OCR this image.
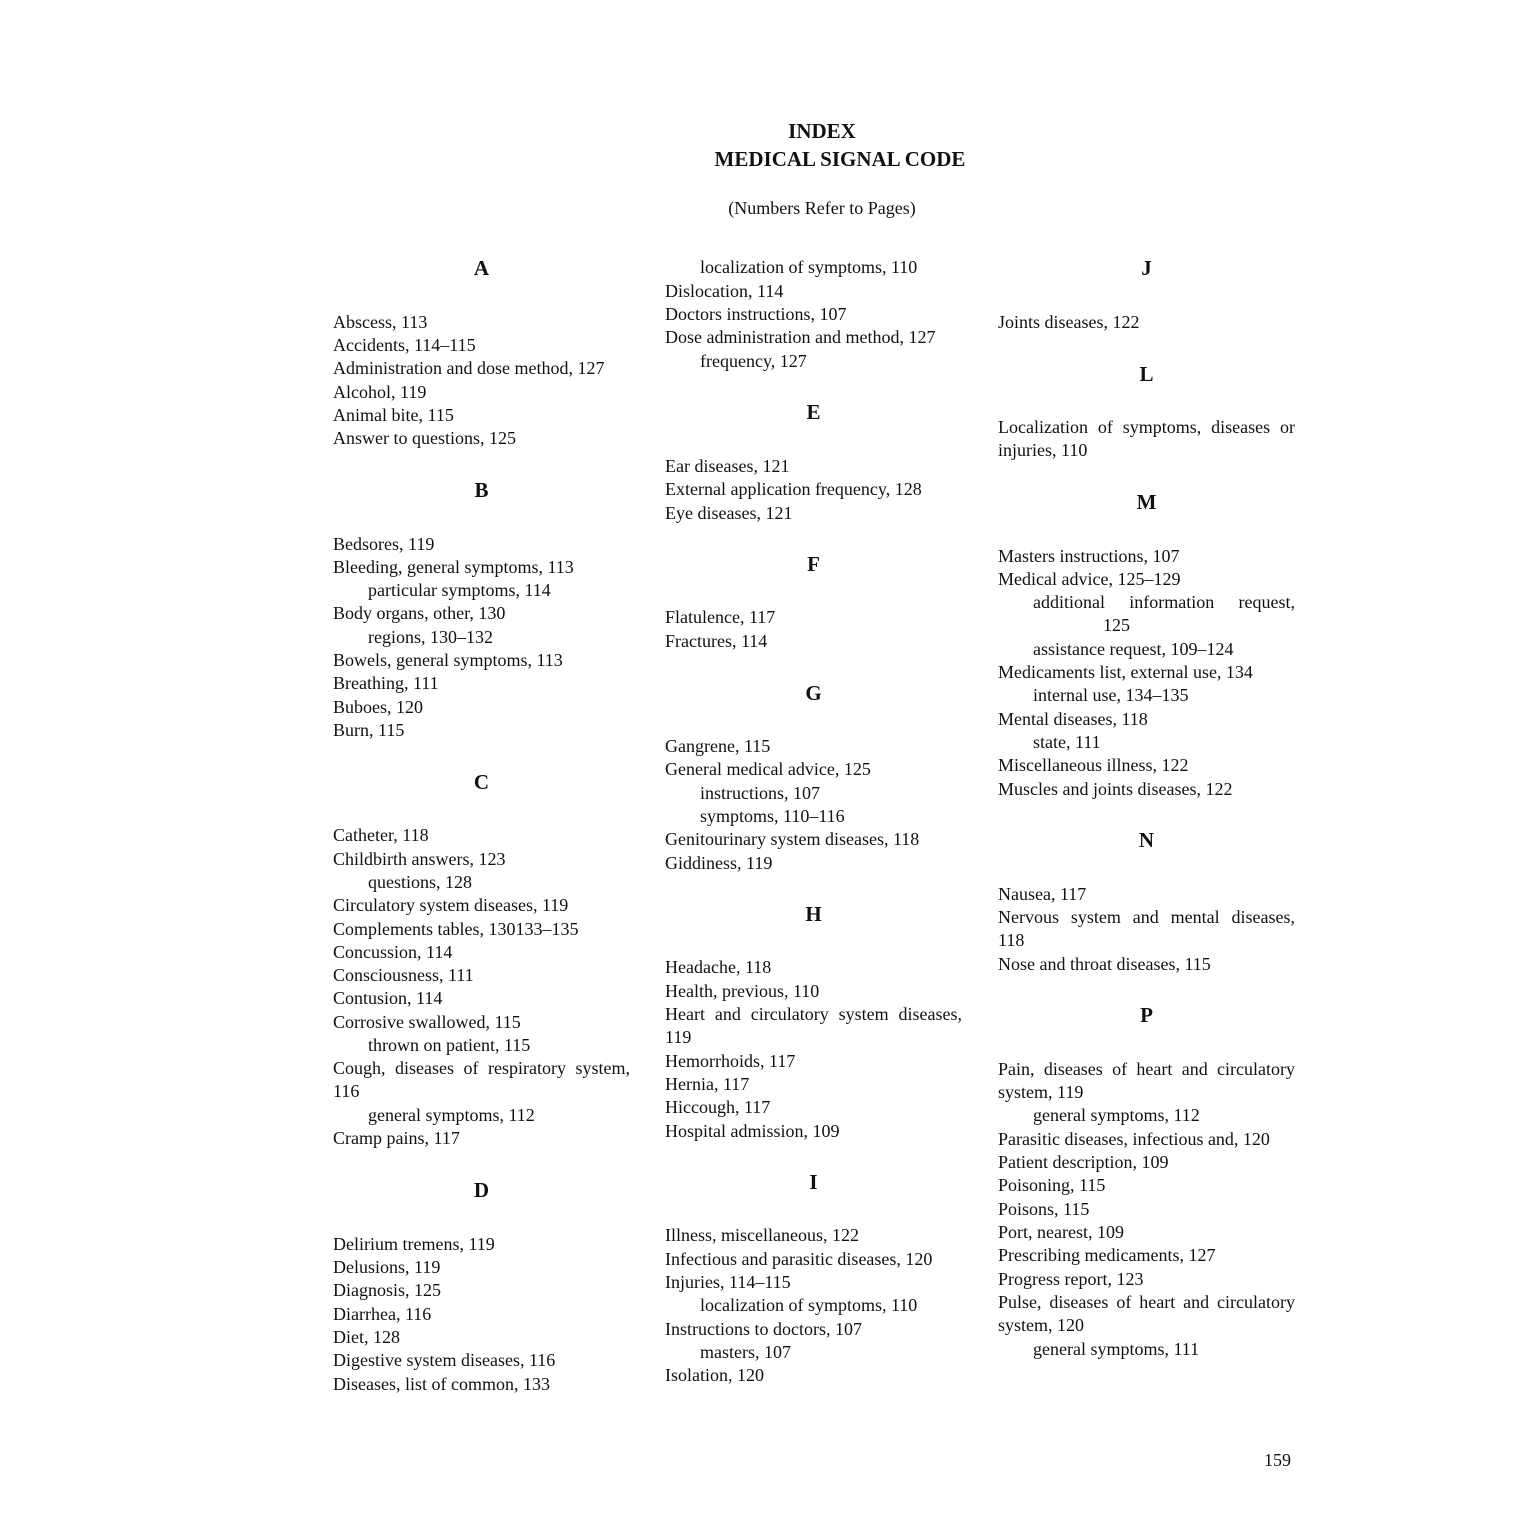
INDEX
MEDICAL SIGNAL CODE
(Numbers Refer to Pages)
A
Abscess, 113
Accidents, 114–115
Administration and dose method, 127
Alcohol, 119
Animal bite, 115
Answer to questions, 125
B
Bedsores, 119
Bleeding, general symptoms, 113
particular symptoms, 114
Body organs, other, 130
regions, 130–132
Bowels, general symptoms, 113
Breathing, 111
Buboes, 120
Burn, 115
C
Catheter, 118
Childbirth answers, 123
questions, 128
Circulatory system diseases, 119
Complements tables, 130133–135
Concussion, 114
Consciousness, 111
Contusion, 114
Corrosive swallowed, 115
thrown on patient, 115
Cough, diseases of respiratory system, 116
general symptoms, 112
Cramp pains, 117
D
Delirium tremens, 119
Delusions, 119
Diagnosis, 125
Diarrhea, 116
Diet, 128
Digestive system diseases, 116
Diseases, list of common, 133
localization of symptoms, 110
Dislocation, 114
Doctors instructions, 107
Dose administration and method, 127
frequency, 127
E
Ear diseases, 121
External application frequency, 128
Eye diseases, 121
F
Flatulence, 117
Fractures, 114
G
Gangrene, 115
General medical advice, 125
instructions, 107
symptoms, 110–116
Genitourinary system diseases, 118
Giddiness, 119
H
Headache, 118
Health, previous, 110
Heart and circulatory system diseases, 119
Hemorrhoids, 117
Hernia, 117
Hiccough, 117
Hospital admission, 109
I
Illness, miscellaneous, 122
Infectious and parasitic diseases, 120
Injuries, 114–115
localization of symptoms, 110
Instructions to doctors, 107
masters, 107
Isolation, 120
J
Joints diseases, 122
L
Localization of symptoms, diseases or injuries, 110
M
Masters instructions, 107
Medical advice, 125–129
additional information request,
125
assistance request, 109–124
Medicaments list, external use, 134
internal use, 134–135
Mental diseases, 118
state, 111
Miscellaneous illness, 122
Muscles and joints diseases, 122
N
Nausea, 117
Nervous system and mental diseases, 118
Nose and throat diseases, 115
P
Pain, diseases of heart and circulatory system, 119
general symptoms, 112
Parasitic diseases, infectious and, 120
Patient description, 109
Poisoning, 115
Poisons, 115
Port, nearest, 109
Prescribing medicaments, 127
Progress report, 123
Pulse, diseases of heart and circulatory system, 120
general symptoms, 111
159
